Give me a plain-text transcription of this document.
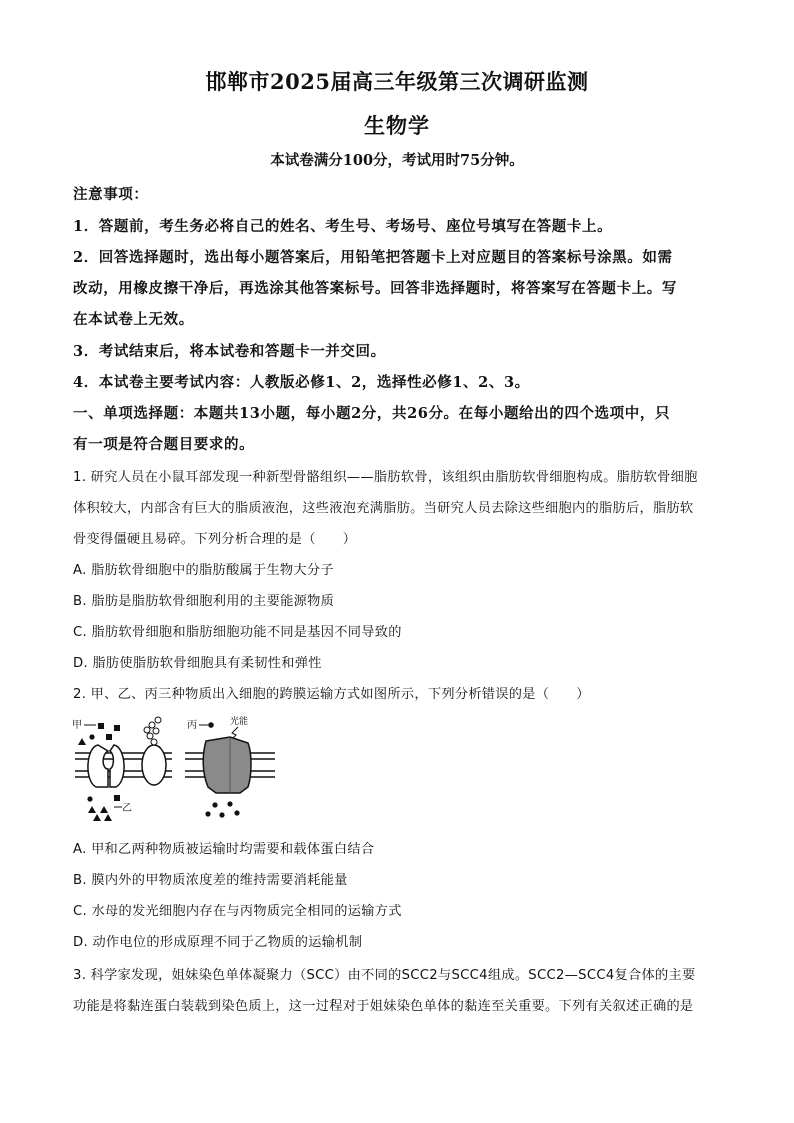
邯郸市2025届高三年级第三次调研监测
生物学
本试卷满分100分，考试用时75分钟。
注意事项：
1．答题前，考生务必将自己的姓名、考生号、考场号、座位号填写在答题卡上。
2．回答选择题时，选出每小题答案后，用铅笔把答题卡上对应题目的答案标号涂黑。如需
改动，用橡皮擦干净后，再选涂其他答案标号。回答非选择题时，将答案写在答题卡上。写
在本试卷上无效。
3．考试结束后，将本试卷和答题卡一并交回。
4．本试卷主要考试内容：人教版必修1、2，选择性必修1、2、3。
一、单项选择题：本题共13小题，每小题2分，共26分。在每小题给出的四个选项中，只
有一项是符合题目要求的。
1. 研究人员在小鼠耳部发现一种新型骨骼组织——脂肪软骨，该组织由脂肪软骨细胞构成。脂肪软骨细胞
体积较大，内部含有巨大的脂质液泡，这些液泡充满脂肪。当研究人员去除这些细胞内的脂肪后，脂肪软
骨变得僵硬且易碎。下列分析合理的是（　　）
A. 脂肪软骨细胞中的脂肪酸属于生物大分子
B. 脂肪是脂肪软骨细胞利用的主要能源物质
C. 脂肪软骨细胞和脂肪细胞功能不同是基因不同导致的
D. 脂肪使脂肪软骨细胞具有柔韧性和弹性
2. 甲、乙、丙三种物质出入细胞的跨膜运输方式如图所示，下列分析错误的是（　　）
甲
乙
丙	光能
A. 甲和乙两种物质被运输时均需要和载体蛋白结合
B. 膜内外的甲物质浓度差的维持需要消耗能量
C. 水母的发光细胞内存在与丙物质完全相同的运输方式
D. 动作电位的形成原理不同于乙物质的运输机制
3. 科学家发现，姐妹染色单体凝聚力（SCC）由不同的SCC2与SCC4组成。SCC2—SCC4复合体的主要
功能是将黏连蛋白装载到染色质上，这一过程对于姐妹染色单体的黏连至关重要。下列有关叙述正确的是
